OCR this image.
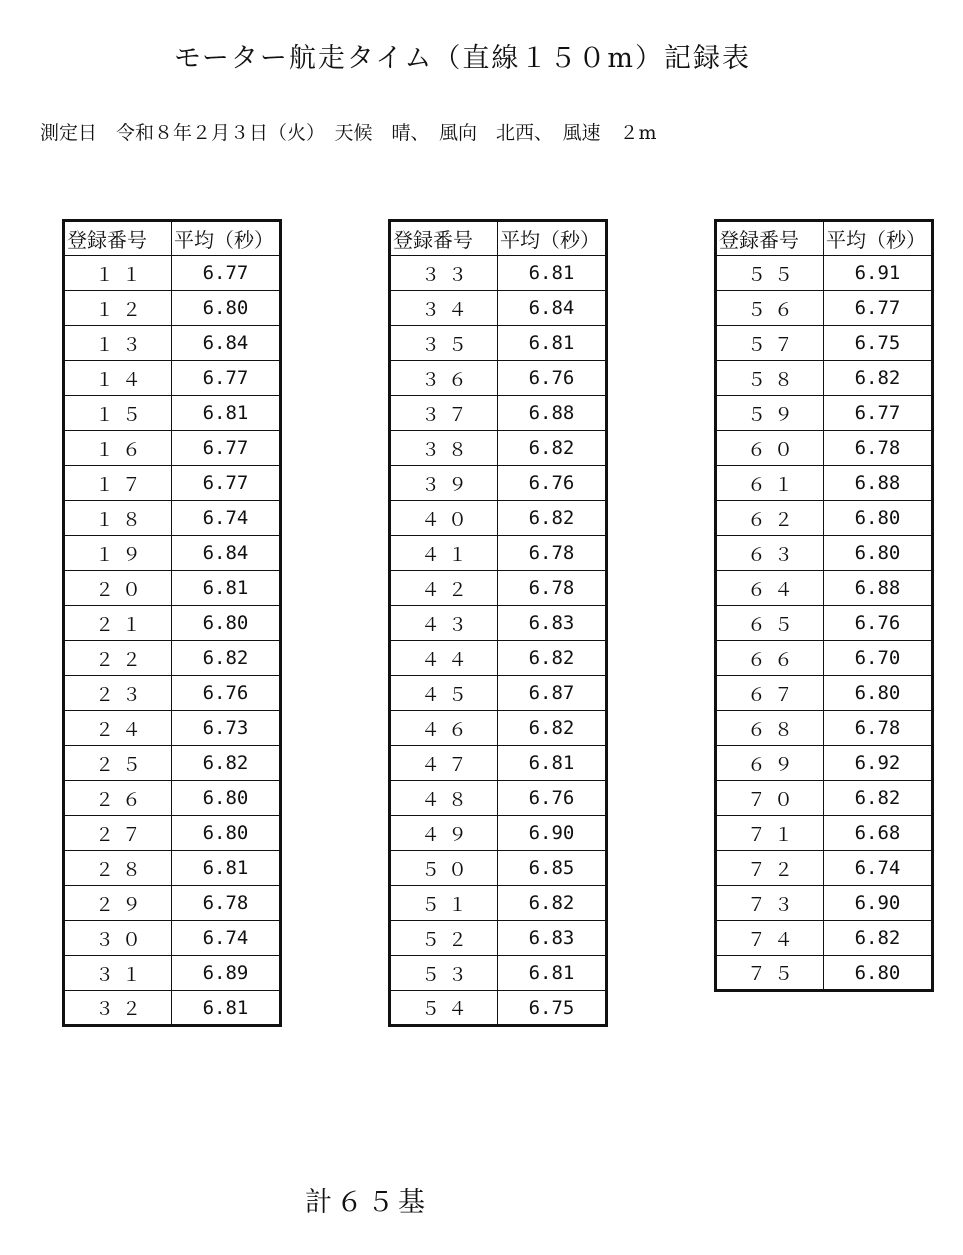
モーター航走タイム（直線１５０m）記録表
測定日　令和８年２月３日（火）　天候　晴、　風向　北西、　風速　２m
登録番号	平均（秒）
１１	6.77
１２	6.80
１３	6.84
１４	6.77
１５	6.81
１６	6.77
１７	6.77
１８	6.74
１９	6.84
２０	6.81
２１	6.80
２２	6.82
２３	6.76
２４	6.73
２５	6.82
２６	6.80
２７	6.80
２８	6.81
２９	6.78
３０	6.74
３１	6.89
３２	6.81
登録番号	平均（秒）
３３	6.81
３４	6.84
３５	6.81
３６	6.76
３７	6.88
３８	6.82
３９	6.76
４０	6.82
４１	6.78
４２	6.78
４３	6.83
４４	6.82
４５	6.87
４６	6.82
４７	6.81
４８	6.76
４９	6.90
５０	6.85
５１	6.82
５２	6.83
５３	6.81
５４	6.75
登録番号	平均（秒）
５５	6.91
５６	6.77
５７	6.75
５８	6.82
５９	6.77
６０	6.78
６１	6.88
６２	6.80
６３	6.80
６４	6.88
６５	6.76
６６	6.70
６７	6.80
６８	6.78
６９	6.92
７０	6.82
７１	6.68
７２	6.74
７３	6.90
７４	6.82
７５	6.80
計６５基
